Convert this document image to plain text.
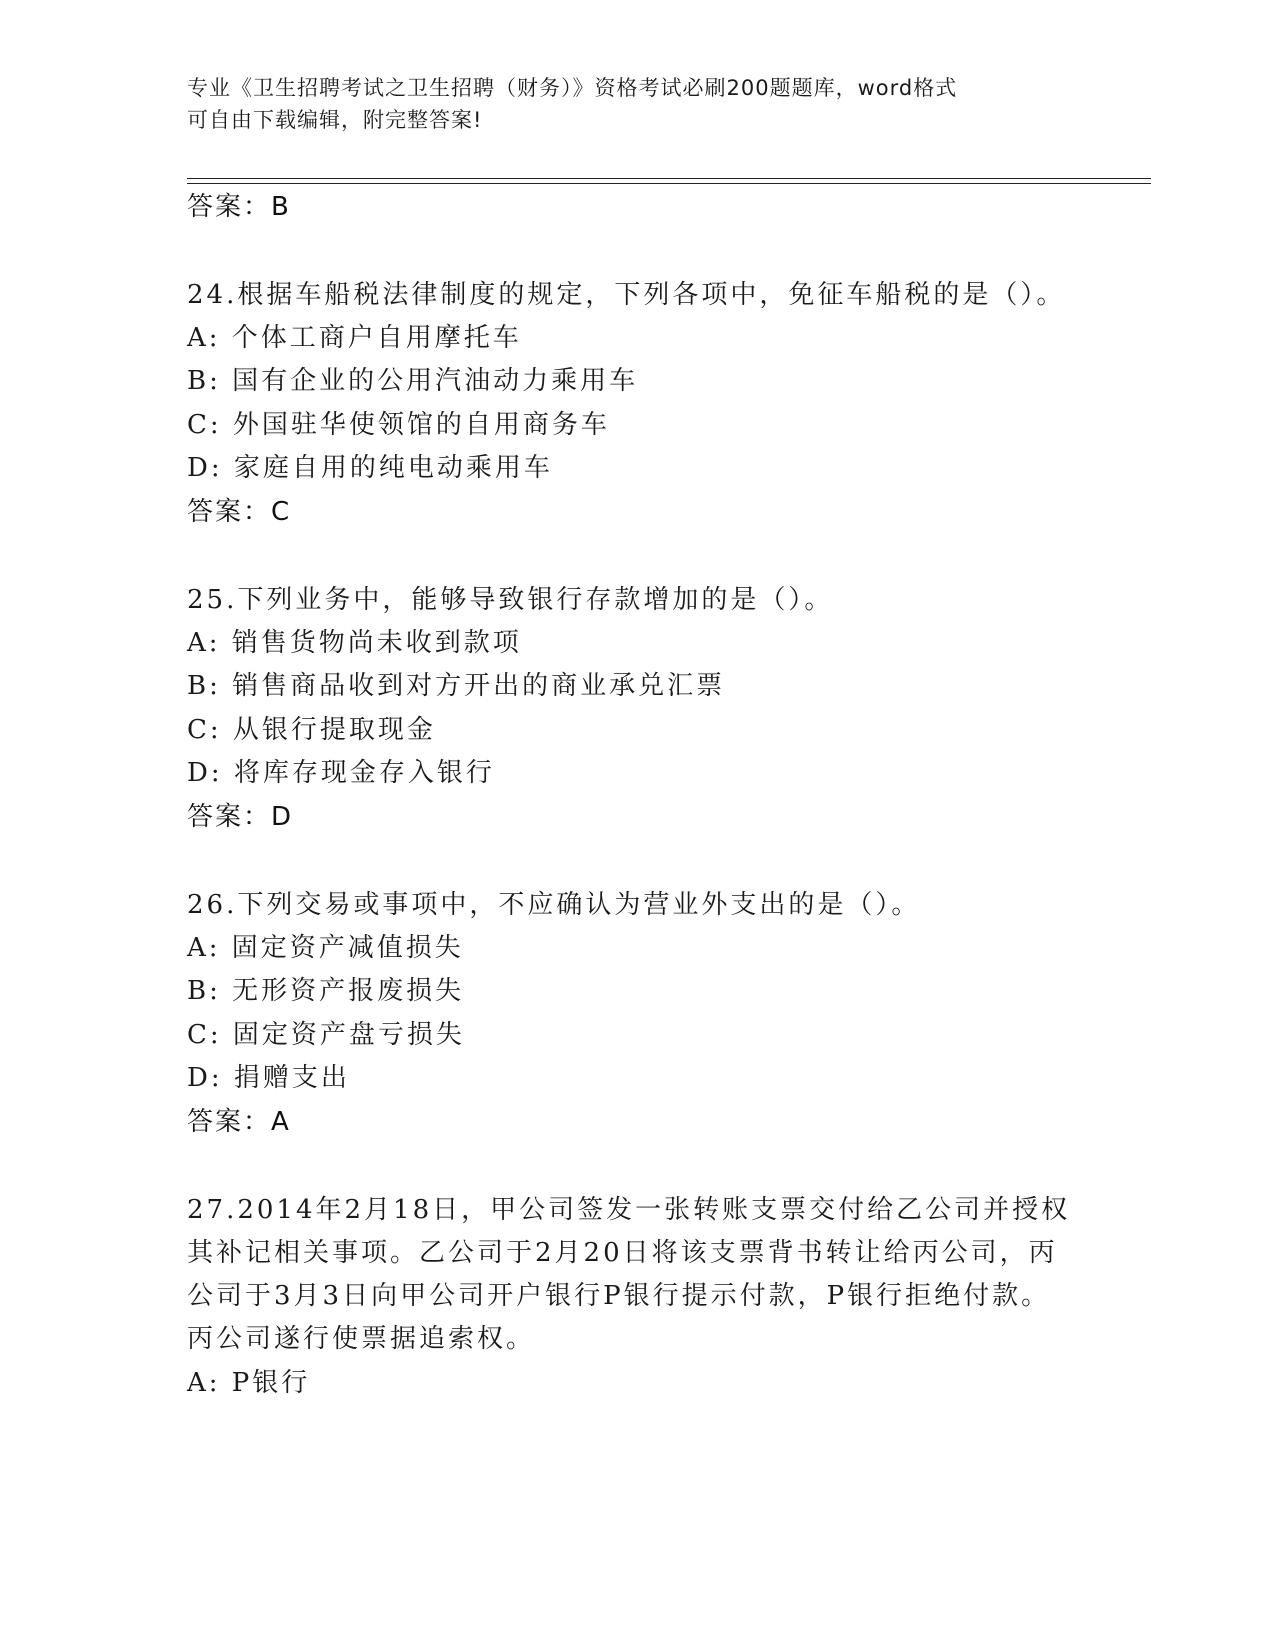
专业《卫生招聘考试之卫生招聘（财务）》资格考试必刷200题题库，word格式
可自由下载编辑，附完整答案!
答案：B
24.根据车船税法律制度的规定，下列各项中，免征车船税的是（）。
A: 个体工商户自用摩托车
B: 国有企业的公用汽油动力乘用车
C: 外国驻华使领馆的自用商务车
D: 家庭自用的纯电动乘用车
答案：C
25.下列业务中，能够导致银行存款增加的是（）。
A: 销售货物尚未收到款项
B: 销售商品收到对方开出的商业承兑汇票
C: 从银行提取现金
D: 将库存现金存入银行
答案：D
26.下列交易或事项中，不应确认为营业外支出的是（）。
A: 固定资产减值损失
B: 无形资产报废损失
C: 固定资产盘亏损失
D: 捐赠支出
答案：A
27.2014年2月18日，甲公司签发一张转账支票交付给乙公司并授权
其补记相关事项。乙公司于2月20日将该支票背书转让给丙公司，丙
公司于3月3日向甲公司开户银行P银行提示付款，P银行拒绝付款。
丙公司遂行使票据追索权。
A: P银行
